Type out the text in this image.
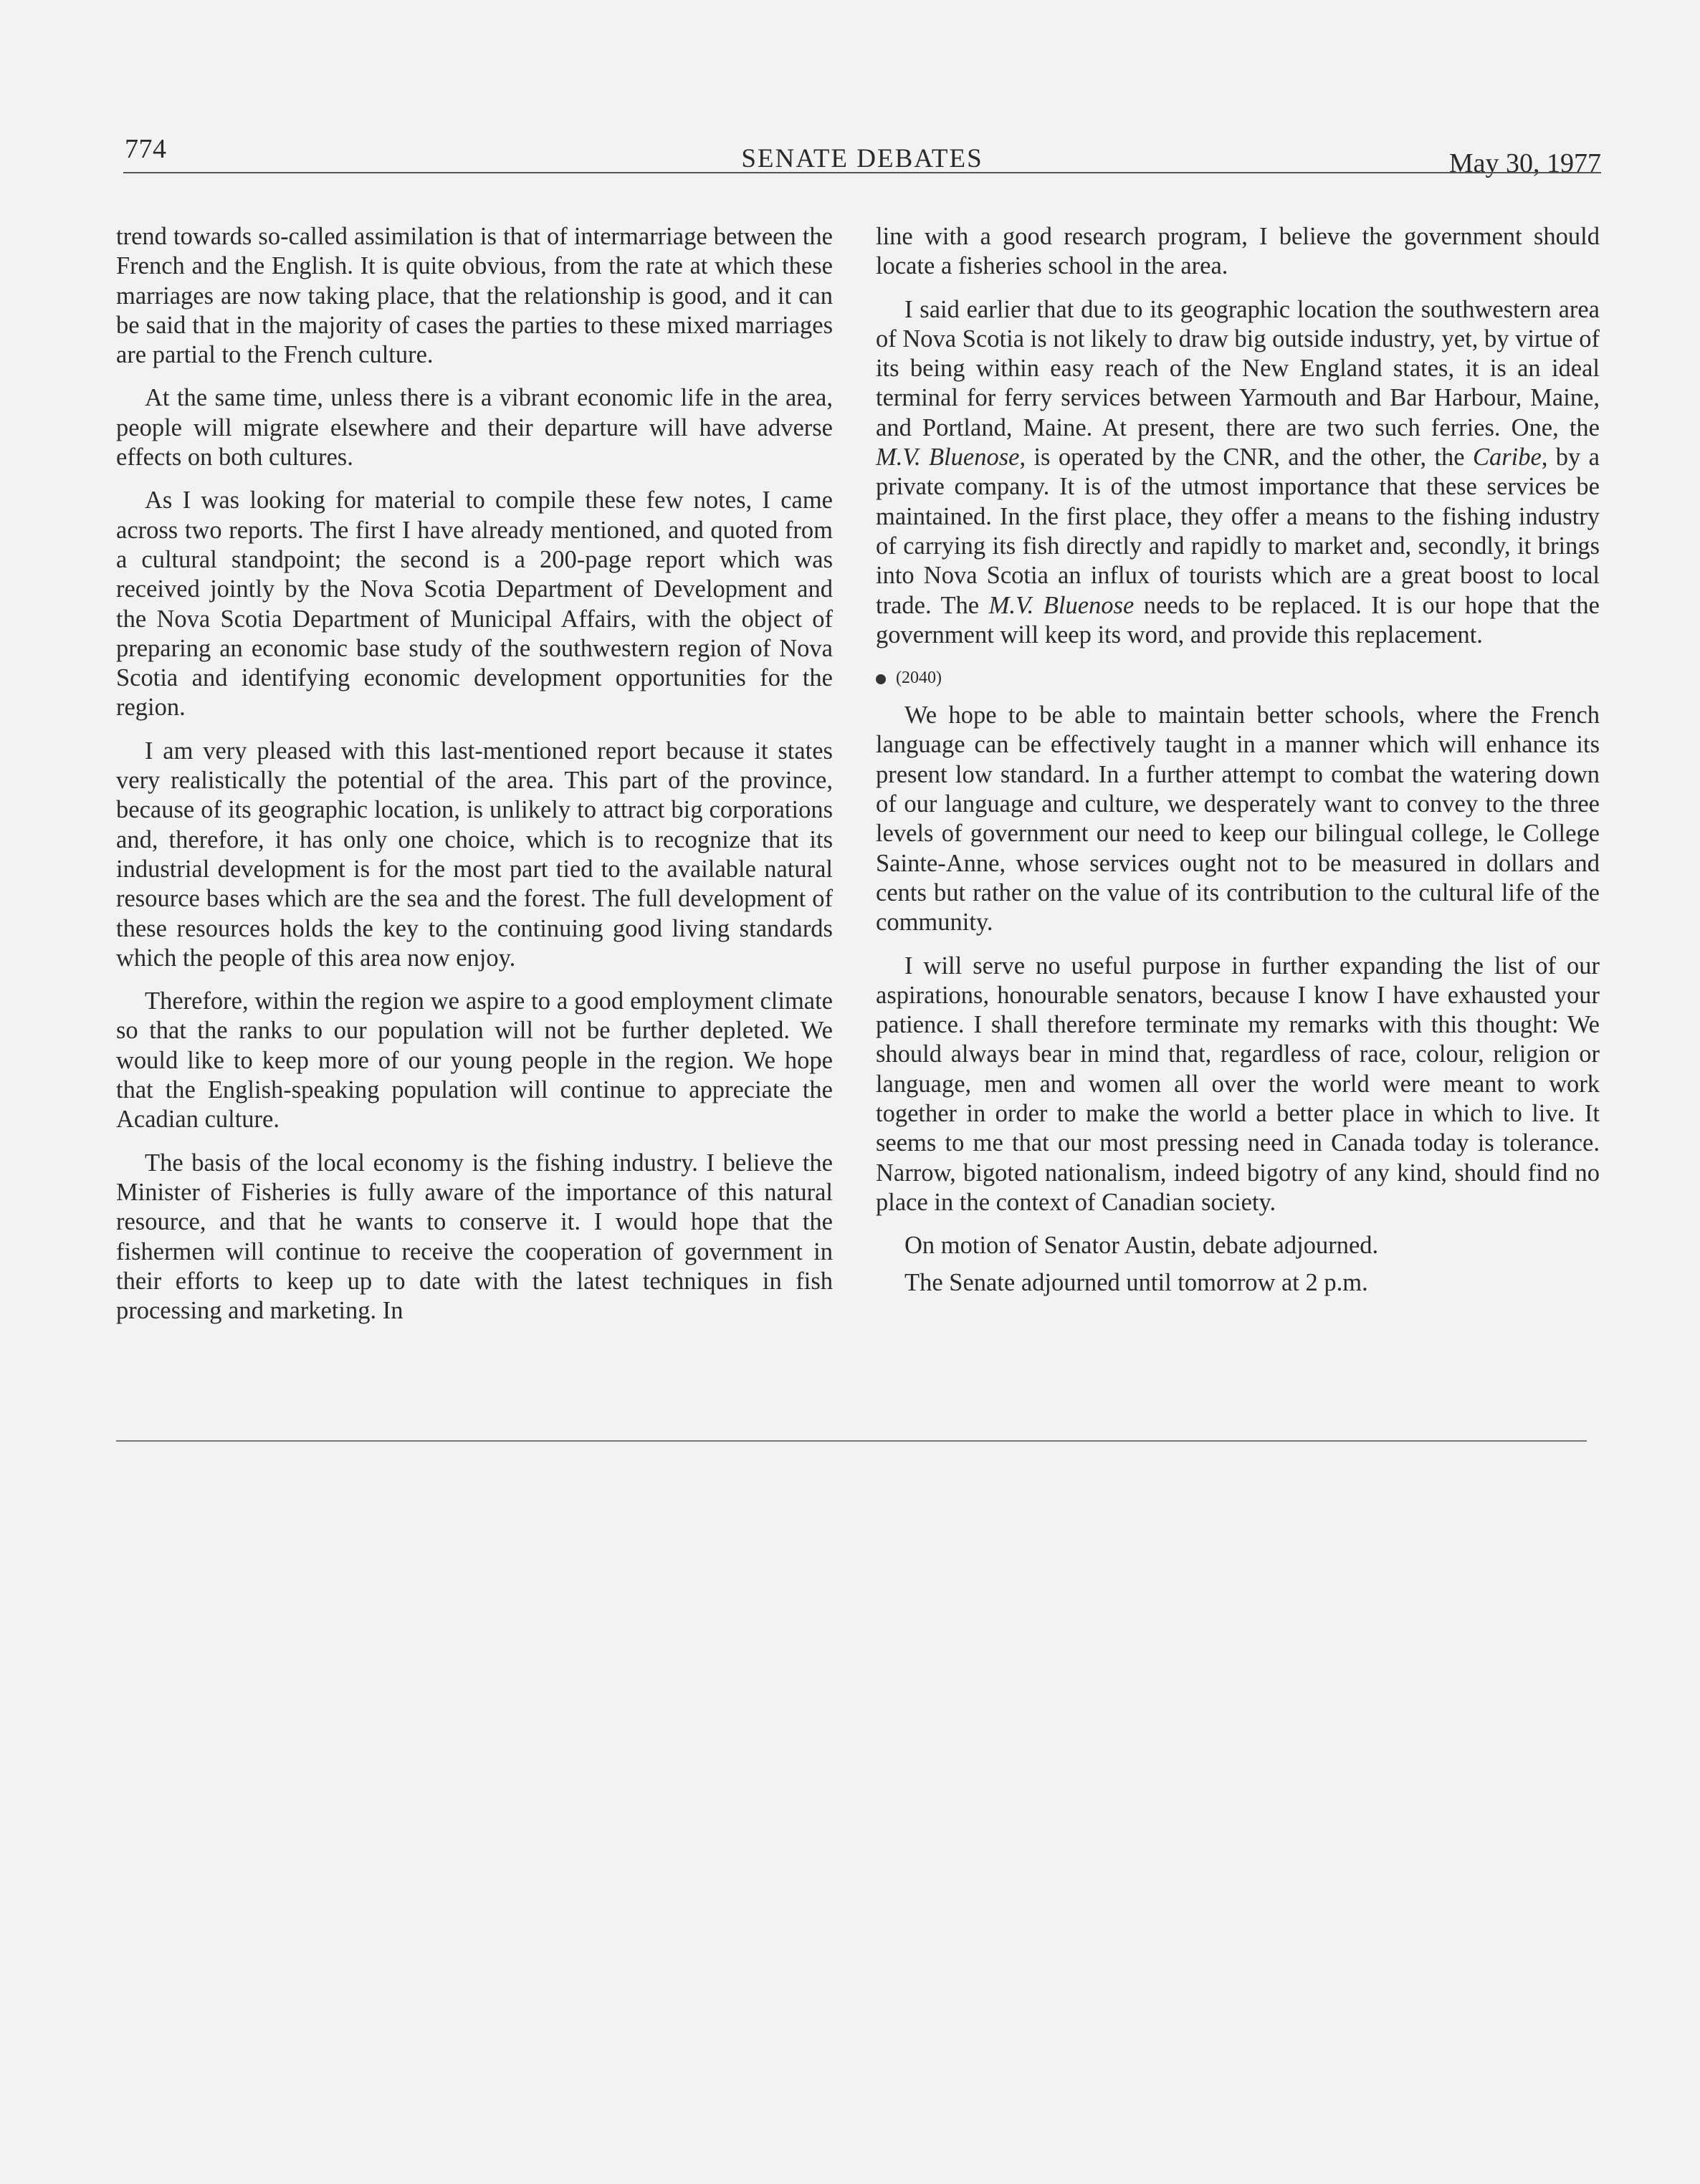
774	SENATE DEBATES	May 30, 1977

trend towards so-called assimilation is that of intermarriage between the French and the English. It is quite obvious, from the rate at which these marriages are now taking place, that the relationship is good, and it can be said that in the majority of cases the parties to these mixed marriages are partial to the French culture.

At the same time, unless there is a vibrant economic life in the area, people will migrate elsewhere and their departure will have adverse effects on both cultures.

As I was looking for material to compile these few notes, I came across two reports. The first I have already mentioned, and quoted from a cultural standpoint; the second is a 200-page report which was received jointly by the Nova Scotia Department of Development and the Nova Scotia Department of Municipal Affairs, with the object of preparing an economic base study of the southwestern region of Nova Scotia and identifying economic development opportunities for the region.

I am very pleased with this last-mentioned report because it states very realistically the potential of the area. This part of the province, because of its geographic location, is unlikely to attract big corporations and, therefore, it has only one choice, which is to recognize that its industrial development is for the most part tied to the available natural resource bases which are the sea and the forest. The full development of these resources holds the key to the continuing good living standards which the people of this area now enjoy.

Therefore, within the region we aspire to a good employment climate so that the ranks to our population will not be further depleted. We would like to keep more of our young people in the region. We hope that the English-speaking population will continue to appreciate the Acadian culture.

The basis of the local economy is the fishing industry. I believe the Minister of Fisheries is fully aware of the importance of this natural resource, and that he wants to conserve it. I would hope that the fishermen will continue to receive the cooperation of government in their efforts to keep up to date with the latest techniques in fish processing and marketing. In

line with a good research program, I believe the government should locate a fisheries school in the area.

I said earlier that due to its geographic location the southwestern area of Nova Scotia is not likely to draw big outside industry, yet, by virtue of its being within easy reach of the New England states, it is an ideal terminal for ferry services between Yarmouth and Bar Harbour, Maine, and Portland, Maine. At present, there are two such ferries. One, the M.V. Bluenose, is operated by the CNR, and the other, the Caribe, by a private company. It is of the utmost importance that these services be maintained. In the first place, they offer a means to the fishing industry of carrying its fish directly and rapidly to market and, secondly, it brings into Nova Scotia an influx of tourists which are a great boost to local trade. The M.V. Bluenose needs to be replaced. It is our hope that the government will keep its word, and provide this replacement.

(2040)

We hope to be able to maintain better schools, where the French language can be effectively taught in a manner which will enhance its present low standard. In a further attempt to combat the watering down of our language and culture, we desperately want to convey to the three levels of government our need to keep our bilingual college, le College Sainte-Anne, whose services ought not to be measured in dollars and cents but rather on the value of its contribution to the cultural life of the community.

I will serve no useful purpose in further expanding the list of our aspirations, honourable senators, because I know I have exhausted your patience. I shall therefore terminate my remarks with this thought: We should always bear in mind that, regardless of race, colour, religion or language, men and women all over the world were meant to work together in order to make the world a better place in which to live. It seems to me that our most pressing need in Canada today is tolerance. Narrow, bigoted nationalism, indeed bigotry of any kind, should find no place in the context of Canadian society.

On motion of Senator Austin, debate adjourned.

The Senate adjourned until tomorrow at 2 p.m.
